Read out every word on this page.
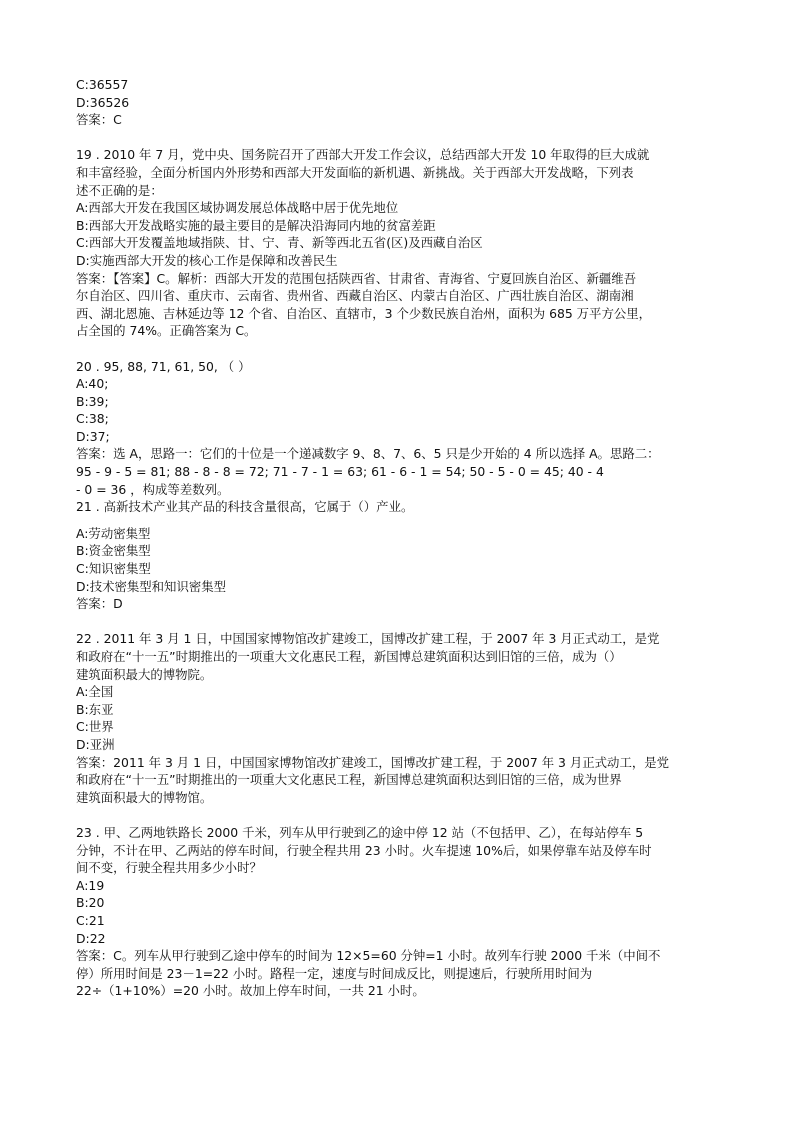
C:36557
D:36526
答案：C
19 . 2010 年 7 月，党中央、国务院召开了西部大开发工作会议，总结西部大开发 10 年取得的巨大成就
和丰富经验，全面分析国内外形势和西部大开发面临的新机遇、新挑战。关于西部大开发战略，下列表
述不正确的是：
A:西部大开发在我国区域协调发展总体战略中居于优先地位
B:西部大开发战略实施的最主要目的是解决沿海同内地的贫富差距
C:西部大开发覆盖地域指陕、甘、宁、青、新等西北五省(区)及西藏自治区
D:实施西部大开发的核心工作是保障和改善民生
答案：【答案】C。解析：西部大开发的范围包括陕西省、甘肃省、青海省、宁夏回族自治区、新疆维吾
尔自治区、四川省、重庆市、云南省、贵州省、西藏自治区、内蒙古自治区、广西壮族自治区、湖南湘
西、湖北恩施、吉林延边等 12 个省、自治区、直辖市，3 个少数民族自治州，面积为 685 万平方公里，
占全国的 74%。正确答案为 C。
20 . 95, 88, 71, 61, 50, （ ）
A:40;
B:39;
C:38;
D:37;
答案：选 A，思路一：它们的十位是一个递减数字 9、8、7、6、5 只是少开始的 4 所以选择 A。思路二：
95 - 9 - 5 = 81; 88 - 8 - 8 = 72; 71 - 7 - 1 = 63; 61 - 6 - 1 = 54; 50 - 5 - 0 = 45; 40 - 4
- 0 = 36 ，构成等差数列。
21 . 高新技术产业其产品的科技含量很高，它属于（）产业。
A:劳动密集型
B:资金密集型
C:知识密集型
D:技术密集型和知识密集型
答案：D
22 . 2011 年 3 月 1 日，中国国家博物馆改扩建竣工，国博改扩建工程，于 2007 年 3 月正式动工，是党
和政府在“十一五”时期推出的一项重大文化惠民工程，新国博总建筑面积达到旧馆的三倍，成为（）
建筑面积最大的博物院。
A:全国
B:东亚
C:世界
D:亚洲
答案：2011 年 3 月 1 日，中国国家博物馆改扩建竣工，国博改扩建工程，于 2007 年 3 月正式动工，是党
和政府在“十一五”时期推出的一项重大文化惠民工程，新国博总建筑面积达到旧馆的三倍，成为世界
建筑面积最大的博物馆。
23 . 甲、乙两地铁路长 2000 千米，列车从甲行驶到乙的途中停 12 站（不包括甲、乙），在每站停车 5
分钟，不计在甲、乙两站的停车时间，行驶全程共用 23 小时。火车提速 10%后，如果停靠车站及停车时
间不变，行驶全程共用多少小时？
A:19
B:20
C:21
D:22
答案：C。列车从甲行驶到乙途中停车的时间为 12×5=60 分钟=1 小时。故列车行驶 2000 千米（中间不
停）所用时间是 23－1=22 小时。路程一定，速度与时间成反比，则提速后，行驶所用时间为
22÷（1+10%）=20 小时。故加上停车时间，一共 21 小时。
